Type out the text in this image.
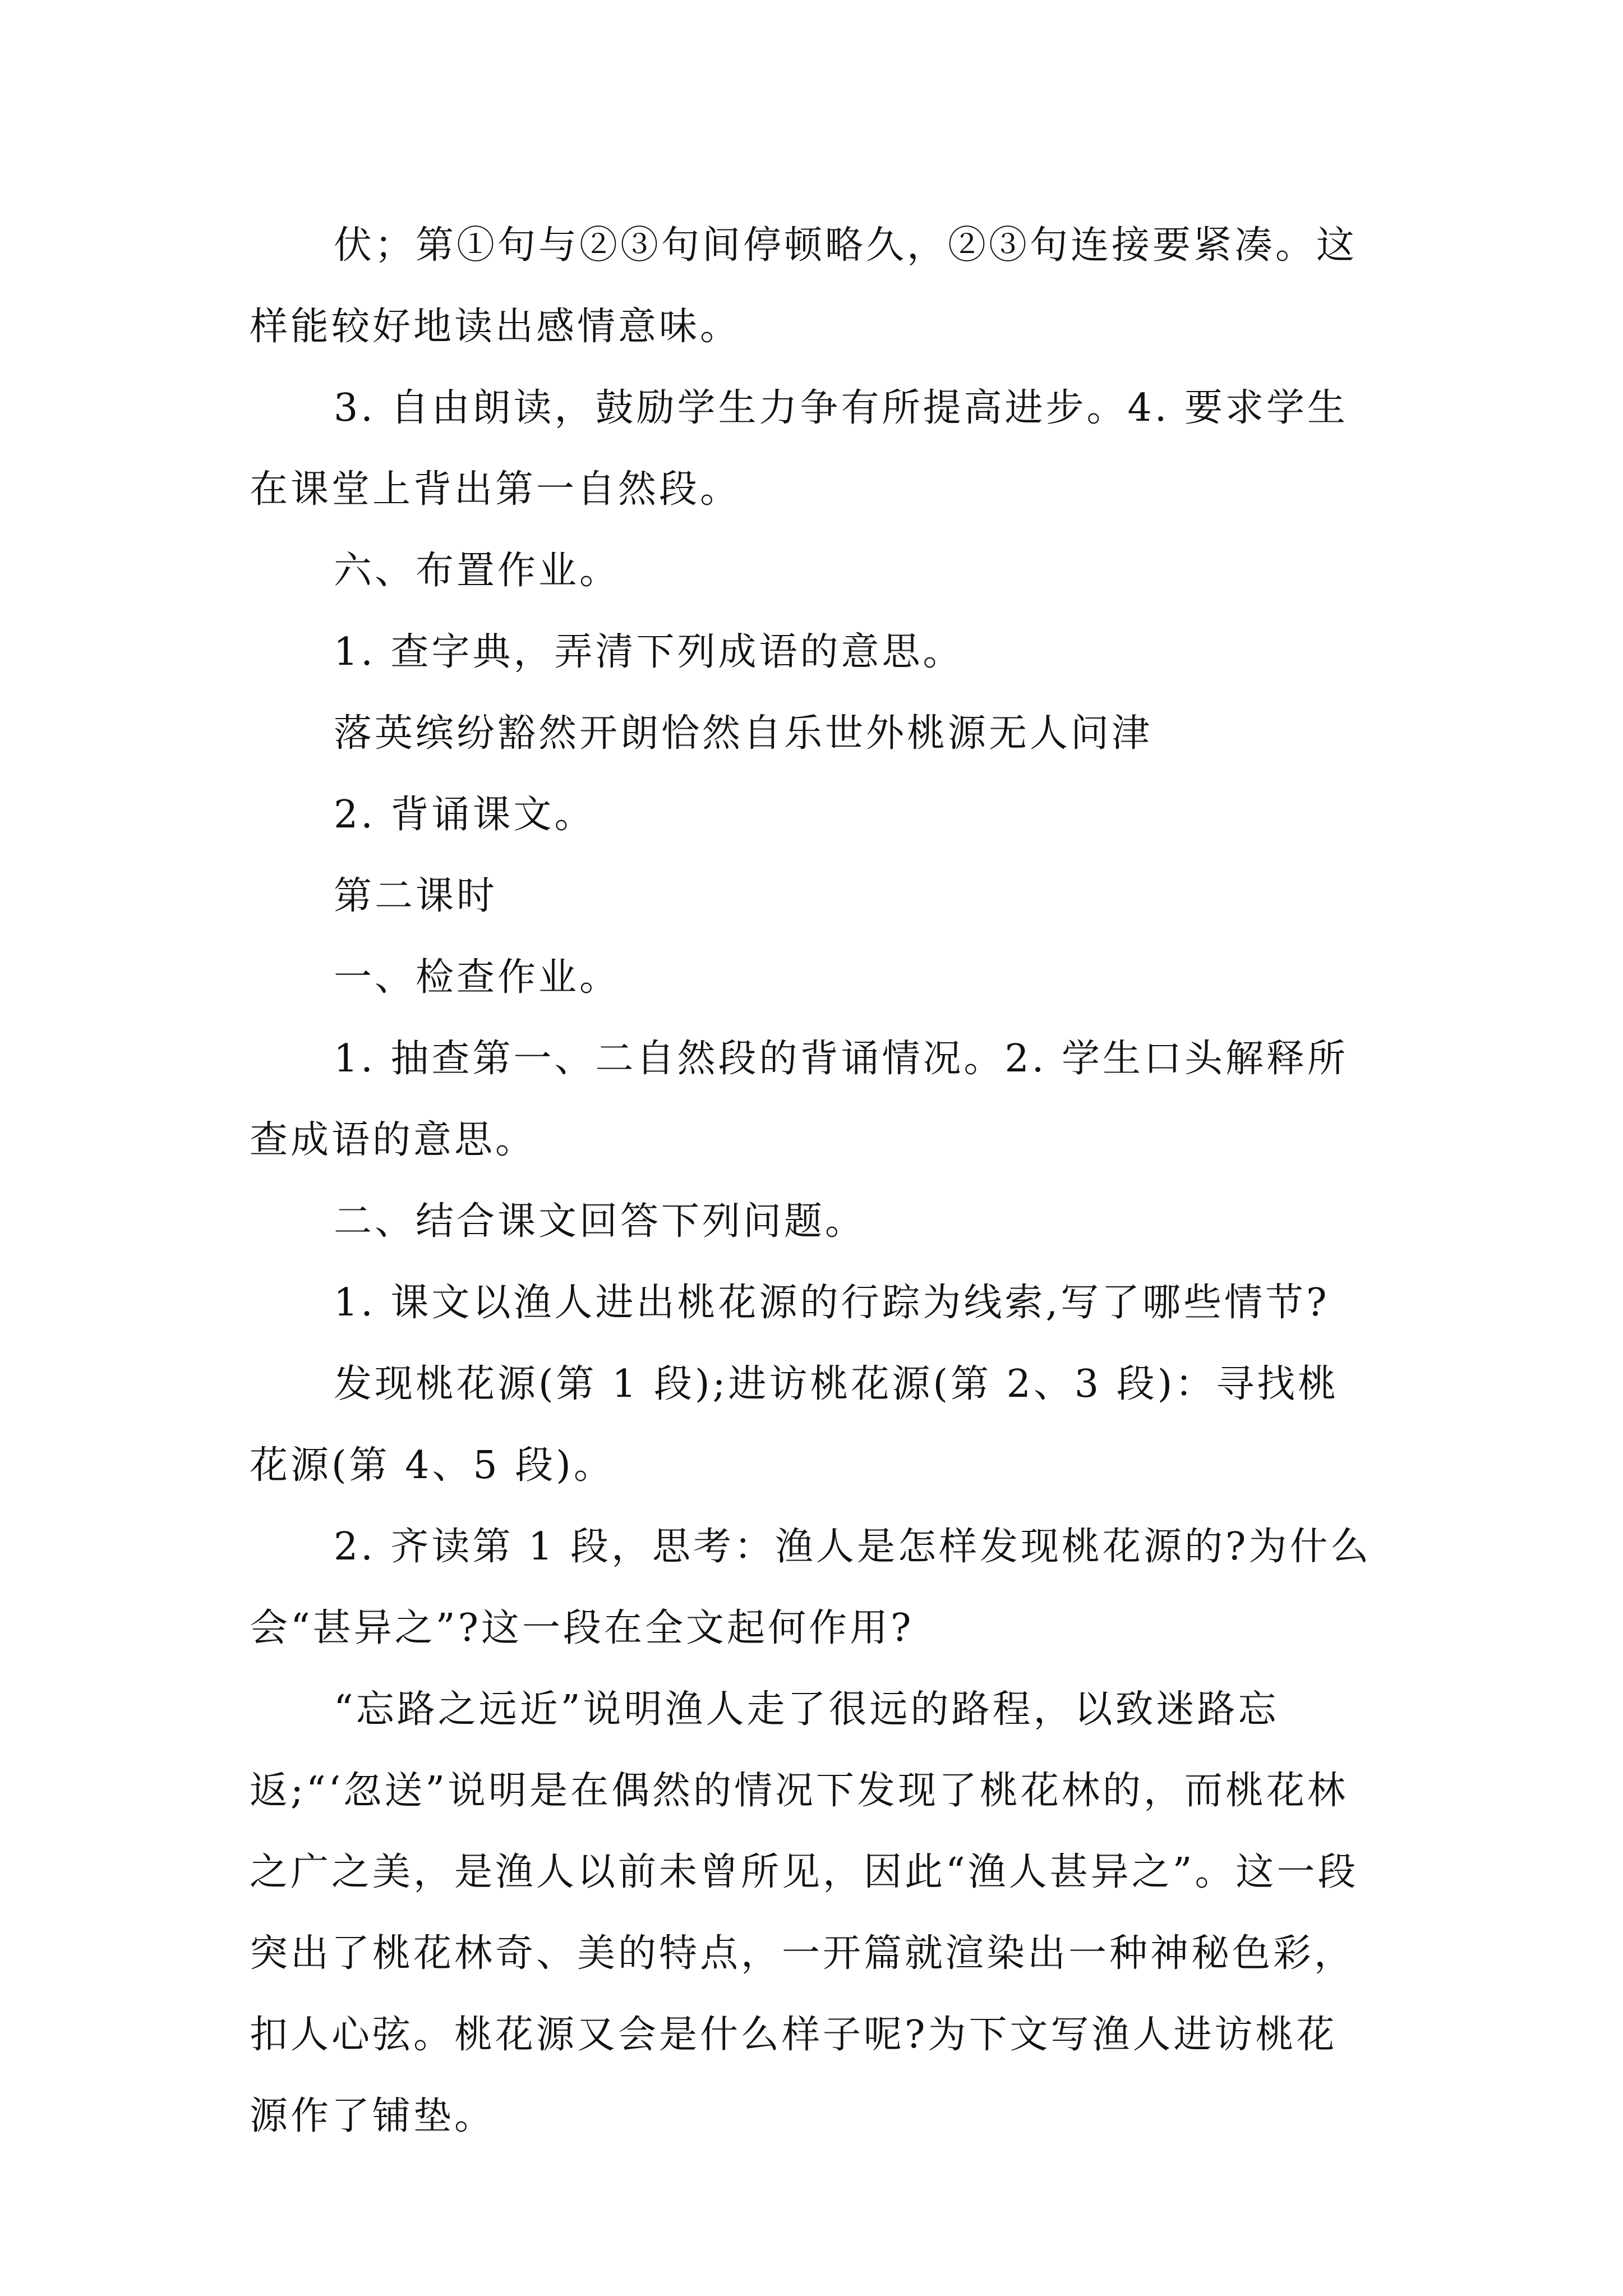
伏；第①句与②③句间停顿略久，②③句连接要紧凑。这样能较好地读出感情意味。

3. 自由朗读，鼓励学生力争有所提高进步。4. 要求学生在课堂上背出第一自然段。

六、布置作业。

1. 查字典，弄清下列成语的意思。

落英缤纷豁然开朗恰然自乐世外桃源无人问津

2. 背诵课文。

第二课时

一、检查作业。

1. 抽查第一、二自然段的背诵情况。2. 学生口头解释所查成语的意思。

二、结合课文回答下列问题。

1. 课文以渔人进出桃花源的行踪为线索,写了哪些情节?

发现桃花源(第 1 段);进访桃花源(第 2、3 段)：寻找桃花源(第 4、5 段)。

2. 齐读第 1 段，思考：渔人是怎样发现桃花源的?为什么会“甚异之”?这一段在全文起何作用?

“忘路之远近”说明渔人走了很远的路程，以致迷路忘返;“‘忽送”说明是在偶然的情况下发现了桃花林的，而桃花林之广之美，是渔人以前未曾所见，因此“渔人甚异之”。这一段突出了桃花林奇、美的特点，一开篇就渲染出一种神秘色彩，扣人心弦。桃花源又会是什么样子呢?为下文写渔人进访桃花源作了铺垫。
